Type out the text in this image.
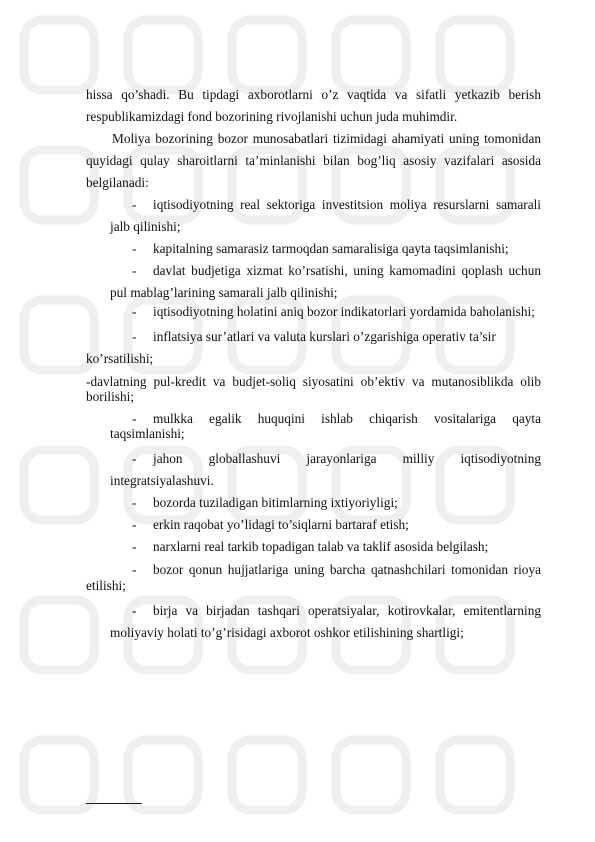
hissa qo’shadi. Bu tipdagi axborotlarni o’z vaqtida va sifatli yetkazib berish respublikamizdagi fond bozorining rivojlanishi uchun juda muhimdir.

Moliya bozorining bozor munosabatlari tizimidagi ahamiyati uning tomonidan quyidagi qulay sharoitlarni ta’minlanishi bilan bog’liq asosiy vazifalari asosida belgilanadi:

- iqtisodiyotning real sektoriga investitsion moliya resurslarni samarali jalb qilinishi;

- kapitalning samarasiz tarmoqdan samaralisiga qayta taqsimlanishi;

- davlat budjetiga xizmat ko’rsatishi, uning kamomadini qoplash uchun pul mablag’larining samarali jalb qilinishi;

- iqtisodiyotning holatini aniq bozor indikatorlari yordamida baholanishi;

- inflatsiya sur’atlari va valuta kurslari o’zgarishiga operativ ta’sir

ko’rsatilishi;

-davlatning pul-kredit va budjet-soliq siyosatini ob’ektiv va mutanosiblikda olib borilishi;

- mulkka egalik huquqini ishlab chiqarish vositalariga qayta taqsimlanishi;

- jahon globallashuvi jarayonlariga milliy iqtisodiyotning integratsiyalashuvi.

- bozorda tuziladigan bitimlarning ixtiyoriyligi;

- erkin raqobat yo’lidagi to’siqlarni bartaraf etish;

- narxlarni real tarkib topadigan talab va taklif asosida belgilash;

- bozor qonun hujjatlariga uning barcha qatnashchilari tomonidan rioya etilishi;

- birja va birjadan tashqari operatsiyalar, kotirovkalar, emitentlarning moliyaviy holati to’g’risidagi axborot oshkor etilishining shartligi;
